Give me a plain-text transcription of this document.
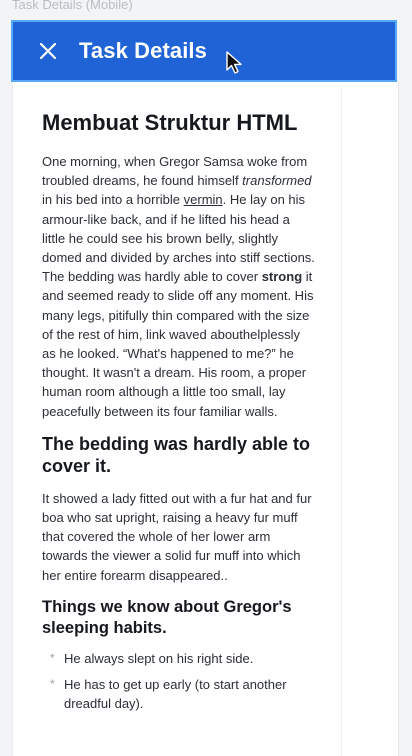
Task Details (Mobile)
Task Details
Membuat Struktur HTML

One morning, when Gregor Samsa woke from troubled dreams, he found himself transformed in his bed into a horrible vermin. He lay on his armour-like back, and if he lifted his head a little he could see his brown belly, slightly domed and divided by arches into stiff sections. The bedding was hardly able to cover strong it and seemed ready to slide off any moment. His many legs, pitifully thin compared with the size of the rest of him, link waved abouthelplessly as he looked. “What's happened to me?” he thought. It wasn't a dream. His room, a proper human room although a little too small, lay peacefully between its four familiar walls.

The bedding was hardly able to cover it.

It showed a lady fitted out with a fur hat and fur boa who sat upright, raising a heavy fur muff that covered the whole of her lower arm towards the viewer a solid fur muff into which her entire forearm disappeared..

Things we know about Gregor's sleeping habits.
* He always slept on his right side.
* He has to get up early (to start another dreadful day).
